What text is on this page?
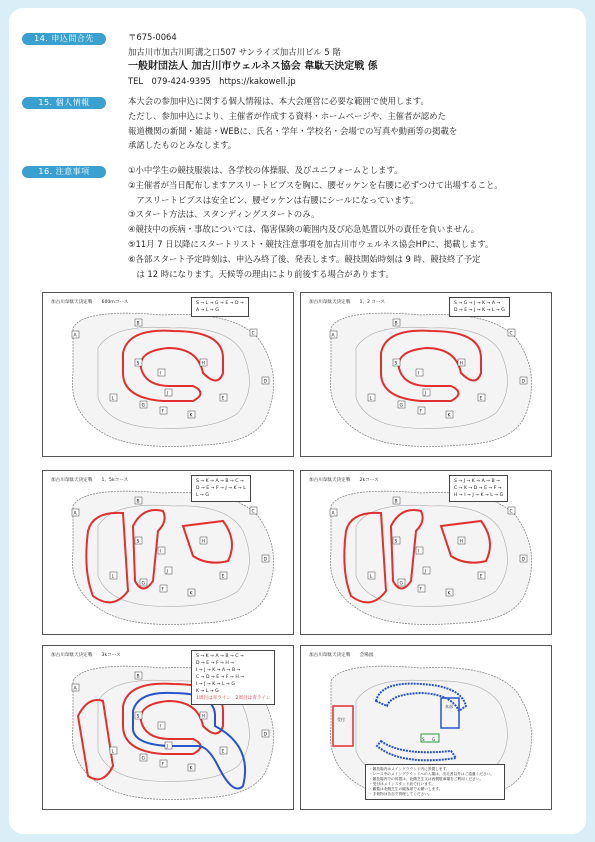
14. 申込問合先	〒675-0064
加古川市加古川町溝之口507 サンライズ加古川ビル 5 階
一般財団法人 加古川市ウェルネス協会 韋駄天決定戦 係
TEL　079-424-9395　https://kakowell.jp
15. 個人情報	本大会の参加申込に関する個人情報は、本大会運営に必要な範囲で使用します。
ただし、参加申込により、主催者が作成する資料・ホームページや、主催者が認めた
報道機関の新聞・雑誌・WEBに、氏名・学年・学校名・会場での写真や動画等の掲載を
承諾したものとみなします。
16. 注意事項	①小中学生の競技服装は、各学校の体操服、及びユニフォームとします。
②主催者が当日配布しますアスリートビブスを胸に、腰ゼッケンを右腰に必ずつけて出場すること。
　アスリートビブスは安全ピン、腰ゼッケンは右腰にシールになっています。
③スタート方法は、スタンディングスタートのみ。
④競技中の疾病・事故については、傷害保険の範囲内及び応急処置以外の責任を負いません。
⑤11月 7 日以降にスタートリスト・競技注意事項を加古川市ウェルネス協会HPに、掲載します。
⑥各部スタート予定時刻は、申込み終了後、発表します。競技開始時刻は 9 時、競技終了予定
　は 12 時になります。天候等の理由により前後する場合があります。
A
B
C
D
E
F
H
I
J
K
L
G
S
加古川韋駄天決定戦　　600mコース	S → L → G → E → D →
A → L → G
A
B
C
D
E
F
H
I
J
K
L
G
S
加古川韋駄天決定戦　　1、2 コース	S → G → J → K → A →
D → E → J → K → L → G
A
B
C
D
E
F
H
I
J
K
L
G
S
加古川韋駄天決定戦　　1、5kコース	S → K → A → B → C →
D → E → F → J → K → L
L → G
A
B
C
D
E
F
H
I
J
K
L
G
S
加古川韋駄天決定戦　　2kコース	S → J → K → A → B →
C → K → D → E → F →
H → I → J → K → L → G
A
B
D
E
F
H
I
J
K
L
G
S
加古川韋駄天決定戦　　3kコース	S → K → A → B → C →
D → E → F → H →
I → J → K → A → B →
C → D → E → F → H →
I → J → K → L → G
K → L → G
1周目は赤ライン　2周目は青ライン
受付
本部
S G
加古川韋駄天決定戦　　会場図
・競技場内はメイングラウンド内に設置します。
・レース中のメイングラウンドへの入場は、出走者以外はご遠慮ください。
・競技場内での休憩は、北側芝生又は西側駐車場をご利用ください。
・受付はメインスタンド前で行います。
・観覧は北側芝生の観客席でお願いします。
・手荷物は各自で管理してください。
